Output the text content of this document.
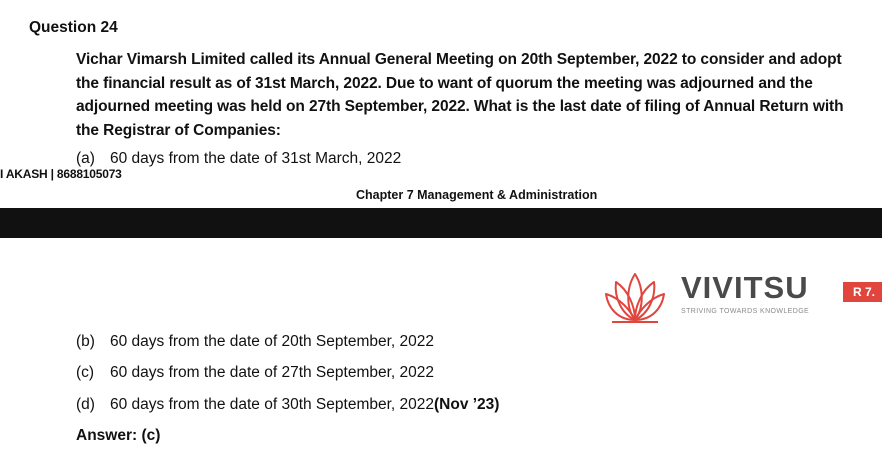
Question 24
Vichar Vimarsh Limited called its Annual General Meeting on 20th September, 2022 to consider and adopt the financial result as of 31st March, 2022. Due to want of quorum the meeting was adjourned and the adjourned meeting was held on 27th September, 2022. What is the last date of filing of Annual Return with the Registrar of Companies:
(a) 60 days from the date of 31st March, 2022
I AKASH | 8688105073
Chapter 7 Management & Administration
VIVITSU
STRIVING TOWARDS KNOWLEDGE
R 7.
(b) 60 days from the date of 20th September, 2022
(c) 60 days from the date of 27th September, 2022
(d) 60 days from the date of 30th September, 2022(Nov ’23)
Answer: (c)
